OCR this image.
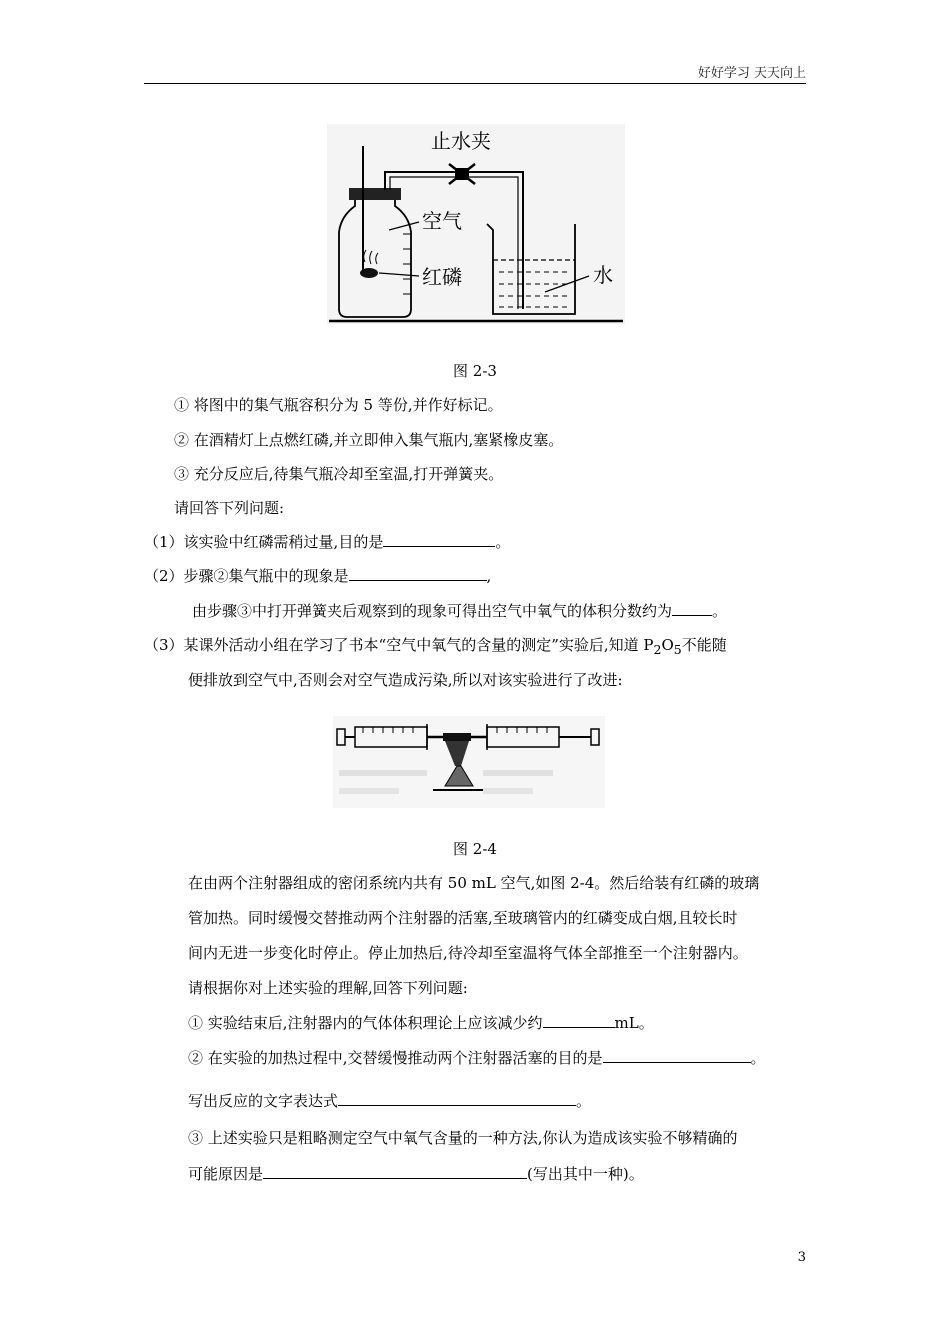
好好学习 天天向上
止水夹
空气
红磷	水
图 2-3
① 将图中的集气瓶容积分为 5 等份,并作好标记。
② 在酒精灯上点燃红磷,并立即伸入集气瓶内,塞紧橡皮塞。
③ 充分反应后,待集气瓶冷却至室温,打开弹簧夹。
请回答下列问题:
（1）该实验中红磷需稍过量,目的是	。
（2）步骤②集气瓶中的现象是	,
由步骤③中打开弹簧夹后观察到的现象可得出空气中氧气的体积分数约为	。
（3）某课外活动小组在学习了书本“空气中氧气的含量的测定”实验后,知道 $P_2O_5$不能随
便排放到空气中,否则会对空气造成污染,所以对该实验进行了改进:
图 2-4
在由两个注射器组成的密闭系统内共有 50 mL 空气,如图 2-4。然后给装有红磷的玻璃
管加热。同时缓慢交替推动两个注射器的活塞,至玻璃管内的红磷变成白烟,且较长时
间内无进一步变化时停止。停止加热后,待冷却至室温将气体全部推至一个注射器内。
请根据你对上述实验的理解,回答下列问题:
① 实验结束后,注射器内的气体体积理论上应该减少约	mL。
② 在实验的加热过程中,交替缓慢推动两个注射器活塞的目的是	。
写出反应的文字表达式	。
③ 上述实验只是粗略测定空气中氧气含量的一种方法,你认为造成该实验不够精确的
可能原因是	(写出其中一种)。
3
